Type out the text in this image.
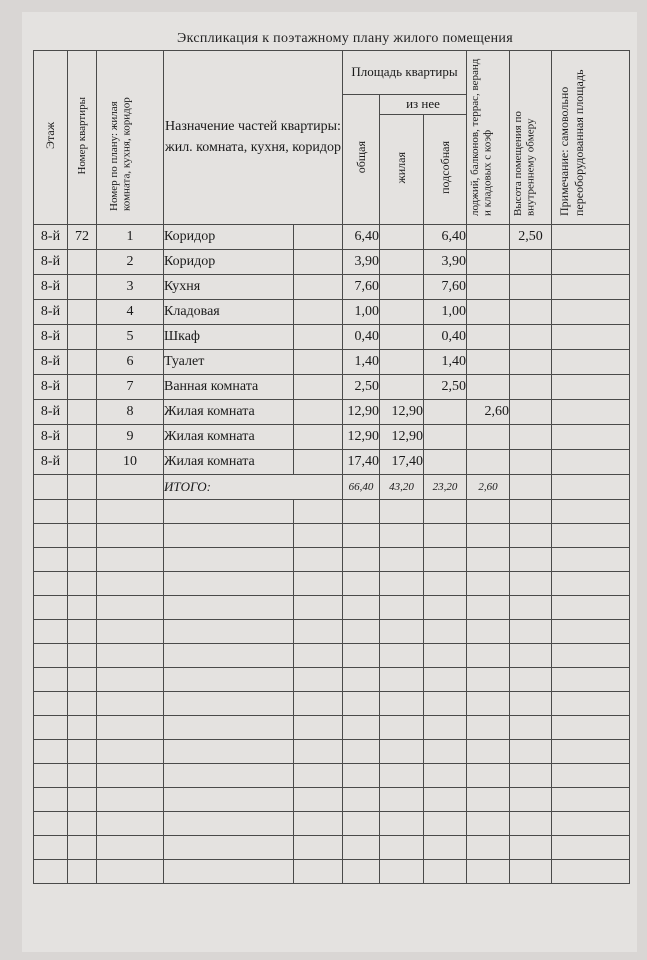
Экспликация к поэтажному плану жилого помещения
Этаж	Номер квартиры	Номер по плану: жилая комната, кухня, коридор	Назначение частей квартиры: жил. комната, кухня, коридор		Площадь квартиры			лоджий, балконов, террас, веранд и кладовых с коэф	Высота помещения по внутреннему обмеру	Примечание: самовольно переоборудованная площадь
					общая	из нее				
						жилая	подсобная			
8-й	72	1	Коридор		6,40		6,40		2,50	
8-й		2	Коридор		3,90		3,90			
8-й		3	Кухня		7,60		7,60			
8-й		4	Кладовая		1,00		1,00			
8-й		5	Шкаф		0,40		0,40			
8-й		6	Туалет		1,40		1,40			
8-й		7	Ванная комната		2,50		2,50			
8-й		8	Жилая комната		12,90	12,90		2,60		
8-й		9	Жилая комната		12,90	12,90				
8-й		10	Жилая комната		17,40	17,40				
			ИТОГО:		66,40	43,20	23,20	2,60		
